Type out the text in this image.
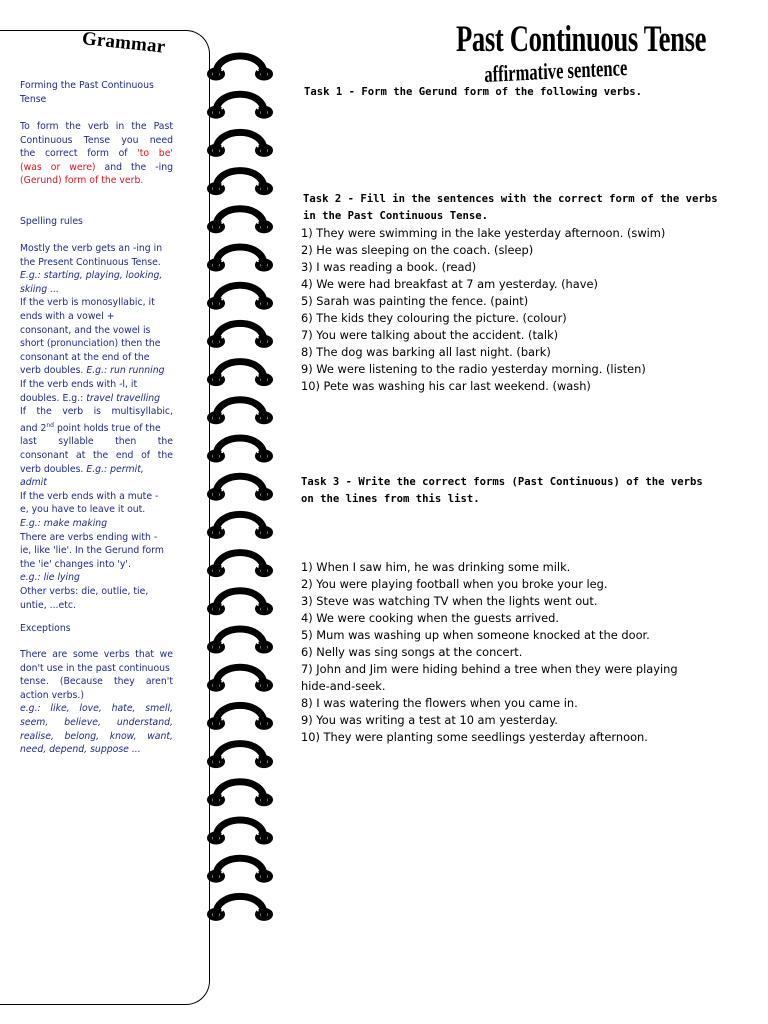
Grammar
Forming the Past Continuous
Tense
To form the verb in the Past
Continuous Tense you need
the correct form of 'to be'
(was or were) and the -ing
(Gerund) form of the verb.
Spelling rules
Mostly the verb gets an -ing in
the Present Continuous Tense.
E.g.: starting, playing, looking,
skiing ...
If the verb is monosyllabic, it
ends with a vowel +
consonant, and the vowel is
short (pronunciation) then the
consonant at the end of the
verb doubles. E.g.: run running
If the verb ends with -l, it
doubles. E.g.: travel travelling
If the verb is multisyllabic,
and 2nd point holds true of the
last syllable then the
consonant at the end of the
verb doubles. E.g.: permit,
admit
If the verb ends with a mute -
e, you have to leave it out.
E.g.: make making
There are verbs ending with -
ie, like 'lie'. In the Gerund form
the 'ie' changes into 'y'.
e.g.: lie lying
Other verbs: die, outlie, tie,
untie, ...etc.
Exceptions
There are some verbs that we
don't use in the past continuous
tense. (Because they aren't
action verbs.)
e.g.: like, love, hate, smell,
seem, believe, understand,
realise, belong, know, want,
need, depend, suppose ...
Past Continuous Tense
affirmative sentence
Task 1 - Form the Gerund form of the following verbs.
Task 2 - Fill in the sentences with the correct form of the verbs
in the Past Continuous Tense.
1) They were swimming in the lake yesterday afternoon. (swim)
2) He was sleeping on the coach. (sleep)
3) I was reading a book. (read)
4) We were had breakfast at 7 am yesterday. (have)
5) Sarah was painting the fence. (paint)
6) The kids they colouring the picture. (colour)
7) You were talking about the accident. (talk)
8) The dog was barking all last night. (bark)
9) We were listening to the radio yesterday morning. (listen)
10) Pete was washing his car last weekend. (wash)
Task 3 - Write the correct forms (Past Continuous) of the verbs
on the lines from this list.
1) When I saw him, he was drinking some milk.
2) You were playing football when you broke your leg.
3) Steve was watching TV when the lights went out.
4) We were cooking when the guests arrived.
5) Mum was washing up when someone knocked at the door.
6) Nelly was sing songs at the concert.
7) John and Jim were hiding behind a tree when they were playing
hide-and-seek.
8) I was watering the flowers when you came in.
9) You was writing a test at 10 am yesterday.
10) They were planting some seedlings yesterday afternoon.
